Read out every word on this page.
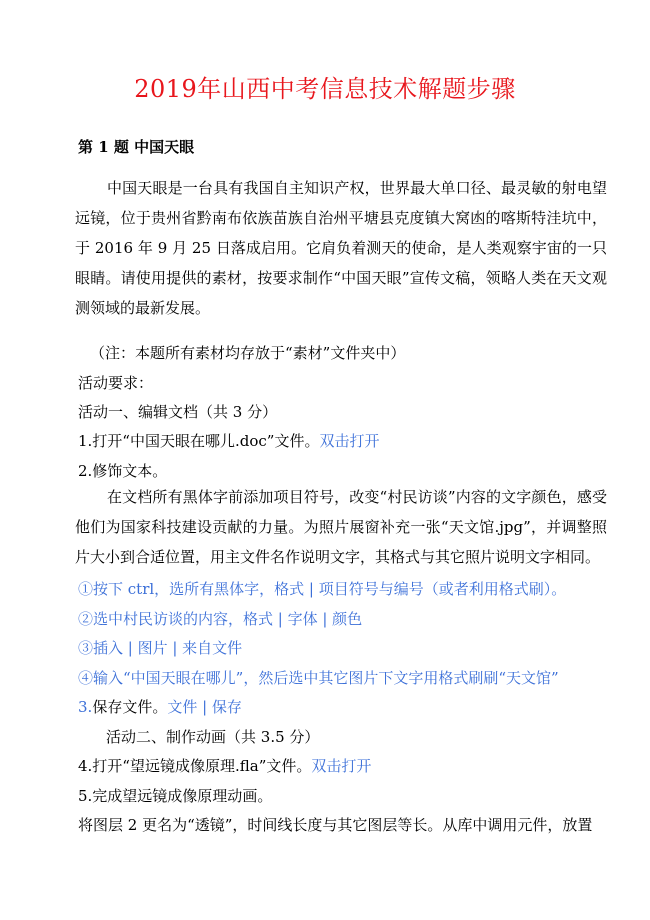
2019年山西中考信息技术解题步骤
第 1 题 中国天眼
中国天眼是一台具有我国自主知识产权，世界最大单口径、最灵敏的射电望远镜，位于贵州省黔南布依族苗族自治州平塘县克度镇大窝凼的喀斯特洼坑中，于 2016 年 9 月 25 日落成启用。它肩负着测天的使命，是人类观察宇宙的一只眼睛。请使用提供的素材，按要求制作“中国天眼”宣传文稿，领略人类在天文观测领域的最新发展。
（注：本题所有素材均存放于“素材”文件夹中）
活动要求：
活动一、编辑文档（共 3 分）
1.打开“中国天眼在哪儿.doc”文件。双击打开
2.修饰文本。
在文档所有黑体字前添加项目符号，改变“村民访谈”内容的文字颜色，感受他们为国家科技建设贡献的力量。为照片展窗补充一张“天文馆.jpg”，并调整照片大小到合适位置，用主文件名作说明文字，其格式与其它照片说明文字相同。
①按下 ctrl，选所有黑体字，格式 | 项目符号与编号（或者利用格式刷）。
②选中村民访谈的内容，格式 | 字体 | 颜色
③插入 | 图片 | 来自文件
④输入“中国天眼在哪儿”，然后选中其它图片下文字用格式刷刷“天文馆”
3.保存文件。文件 | 保存
活动二、制作动画（共 3.5 分）
4.打开“望远镜成像原理.fla”文件。双击打开
5.完成望远镜成像原理动画。
将图层 2 更名为“透镜”，时间线长度与其它图层等长。从库中调用元件，放置
